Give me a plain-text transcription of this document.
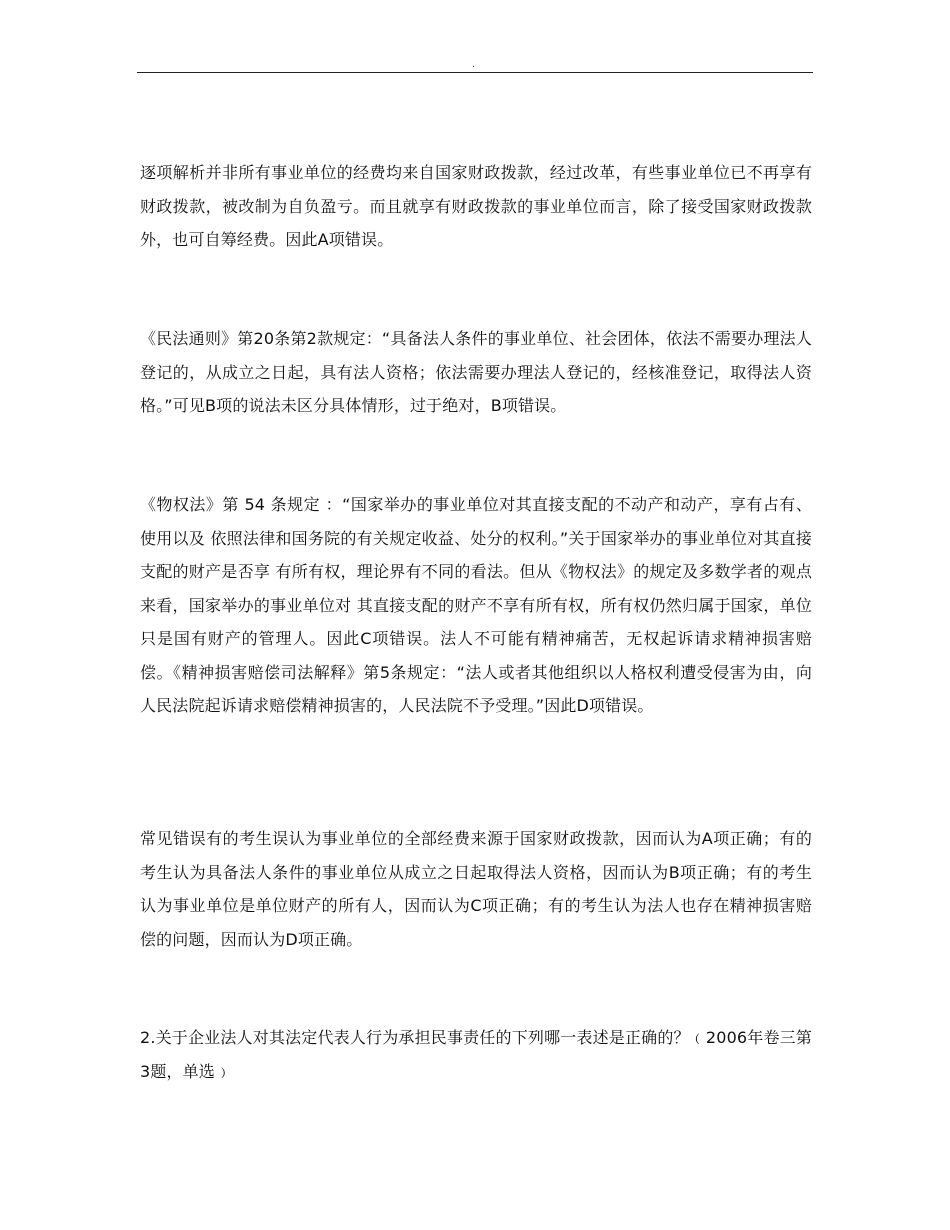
.
逐项解析并非所有事业单位的经费均来自国家财政拨款，经过改革，有些事业单位已不再享有财政拨款，被改制为自负盈亏。而且就享有财政拨款的事业单位而言，除了接受国家财政拨款外，也可自筹经费。因此A项错误。
《民法通则》第20条第2款规定：“具备法人条件的事业单位、社会团体，依法不需要办理法人登记的，从成立之日起，具有法人资格；依法需要办理法人登记的，经核准登记，取得法人资格。”可见B项的说法未区分具体情形，过于绝对，B项错误。
《物权法》第 54 条规定 ：“国家举办的事业单位对其直接支配的不动产和动产，享有占有、使用以及 依照法律和国务院的有关规定收益、处分的权利。”关于国家举办的事业单位对其直接支配的财产是否享 有所有权，理论界有不同的看法。但从《物权法》的规定及多数学者的观点来看，国家举办的事业单位对 其直接支配的财产不享有所有权，所有权仍然归属于国家，单位只是国有财产的管理人。因此C项错误。法人不可能有精神痛苦，无权起诉请求精神损害赔偿。《精神损害赔偿司法解释》第5条规定：“法人或者其他组织以人格权利遭受侵害为由，向人民法院起诉请求赔偿精神损害的，人民法院不予受理。”因此D项错误。
常见错误有的考生误认为事业单位的全部经费来源于国家财政拨款，因而认为A项正确；有的考生认为具备法人条件的事业单位从成立之日起取得法人资格，因而认为B项正确；有的考生认为事业单位是单位财产的所有人，因而认为C项正确；有的考生认为法人也存在精神损害赔偿的问题，因而认为D项正确。
2.关于企业法人对其法定代表人行为承担民事责任的下列哪一表述是正确的？﹙2006年卷三第3题，单选﹚
